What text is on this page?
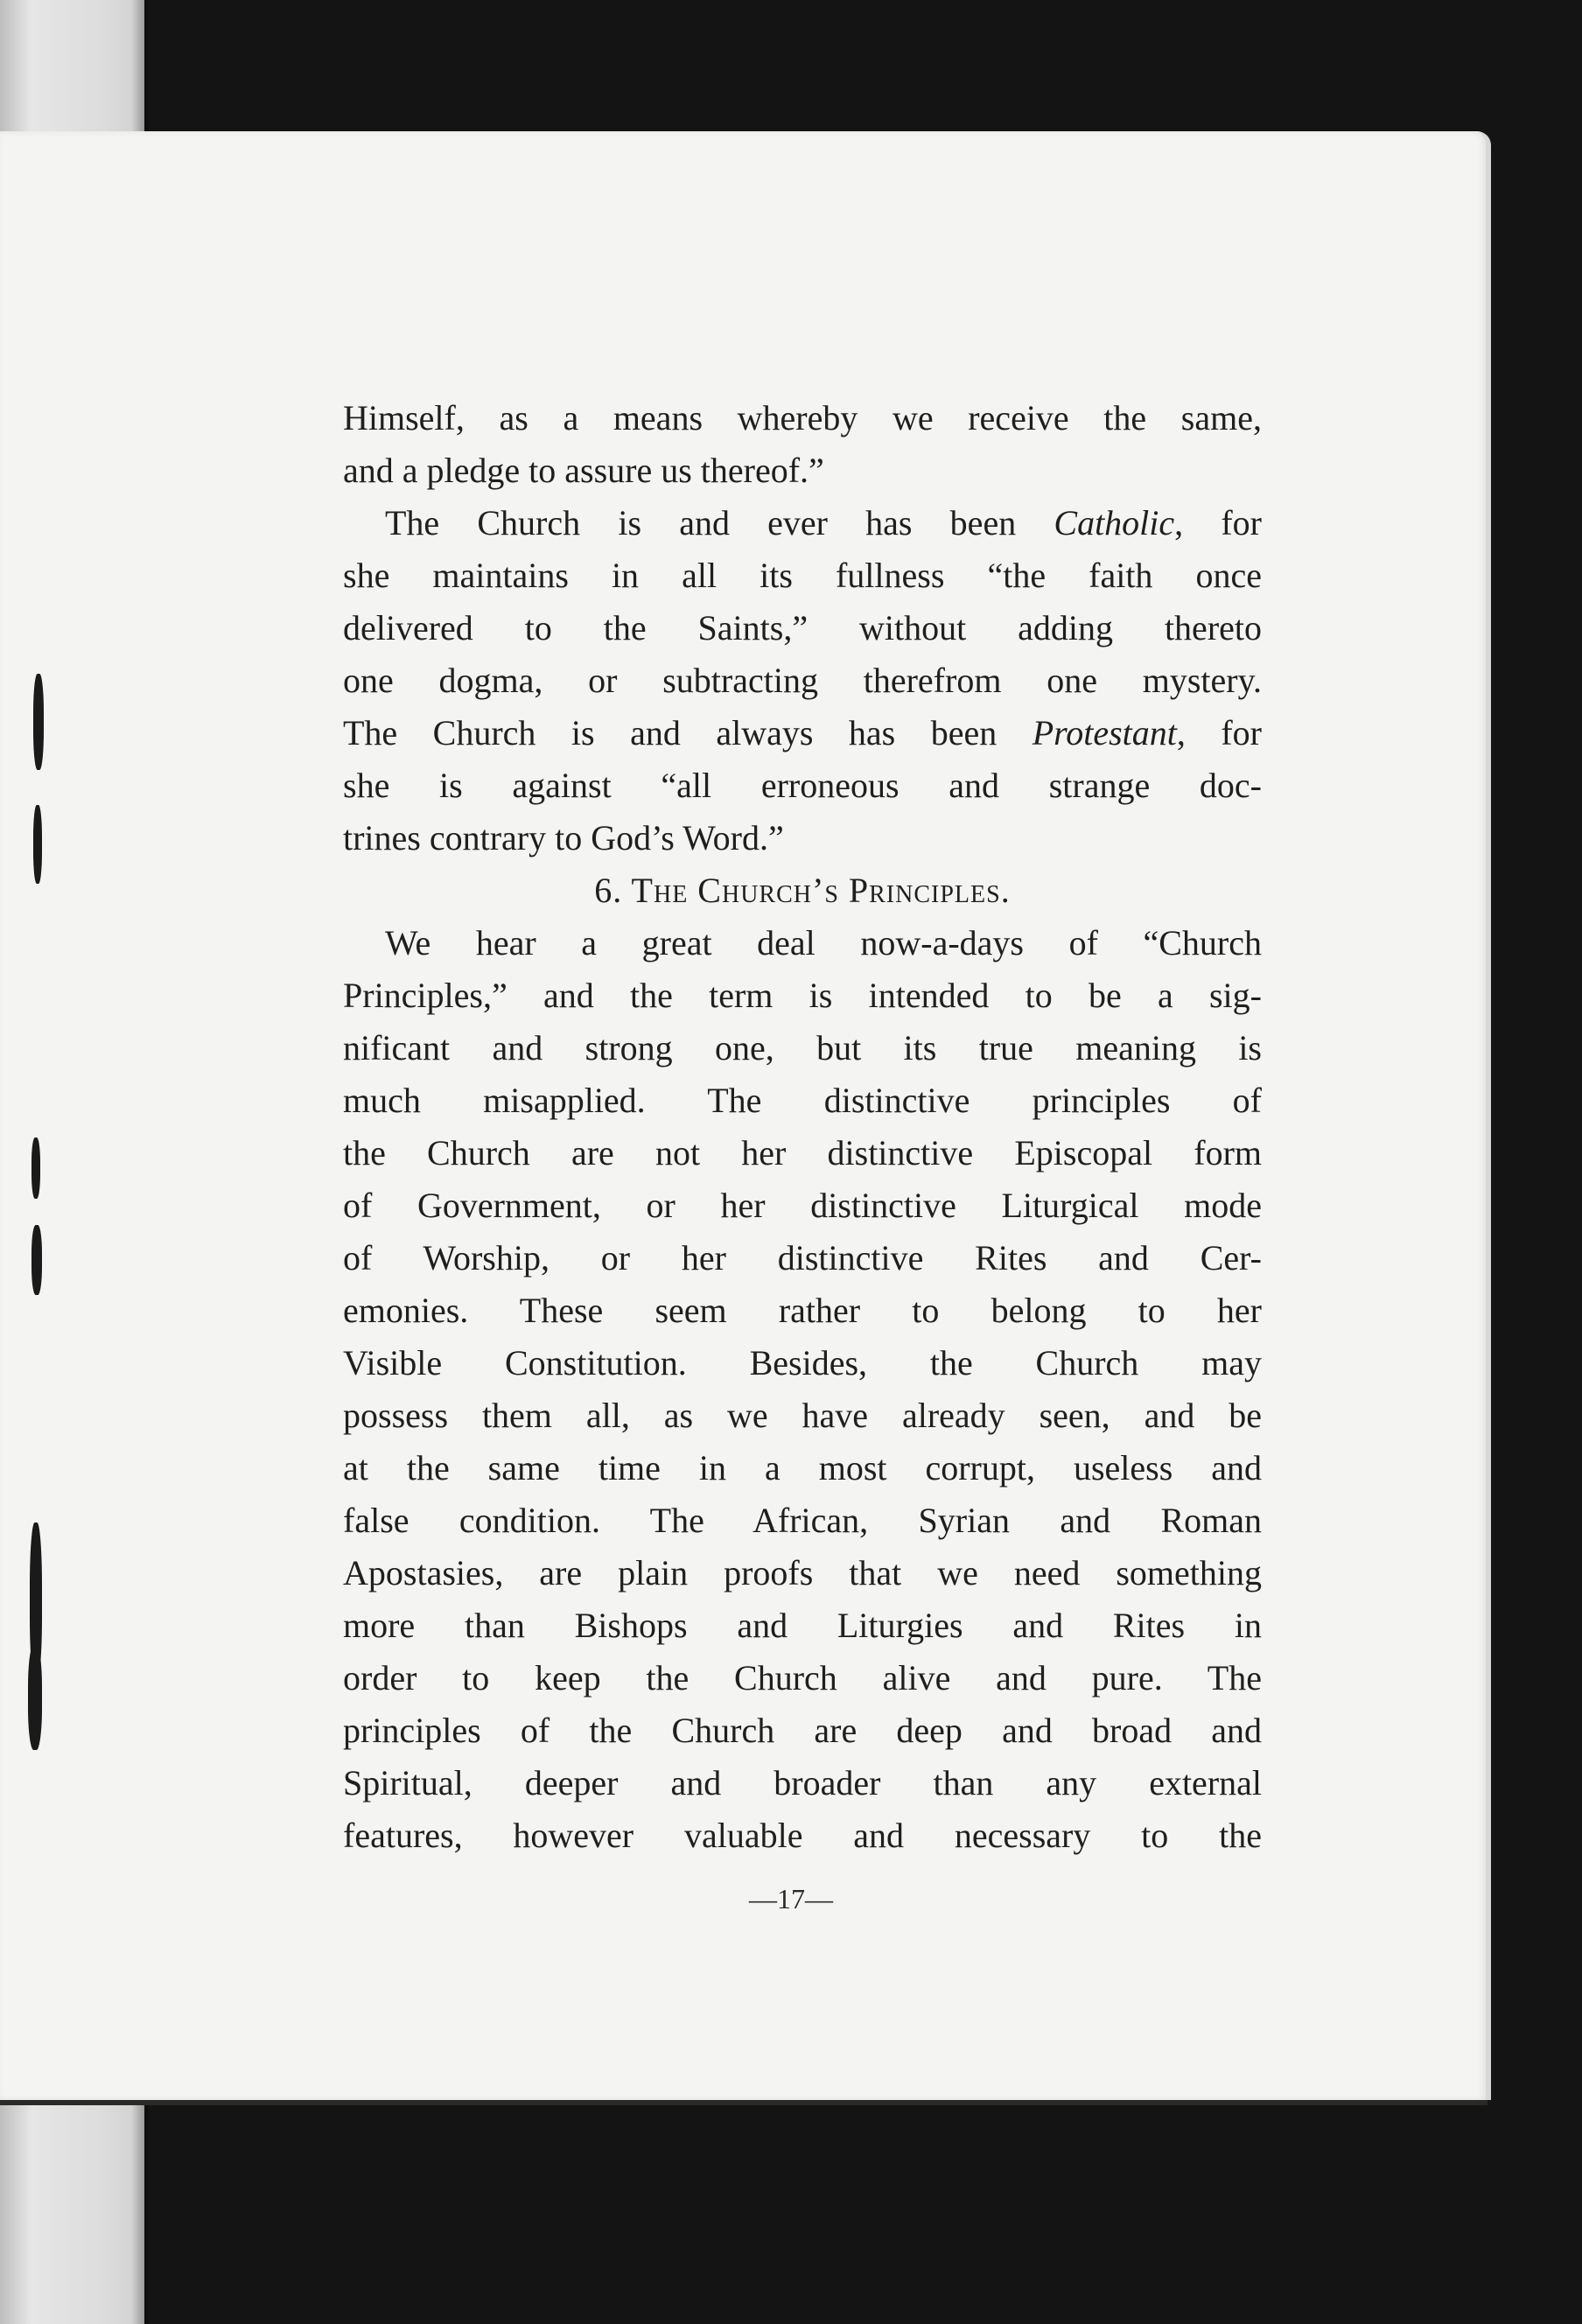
Himself, as a means whereby we receive the same,
and a pledge to assure us thereof.”
The Church is and ever has been Catholic, for
she maintains in all its fullness “the faith once
delivered to the Saints,” without adding thereto
one dogma, or subtracting therefrom one mystery.
The Church is and always has been Protestant, for
she is against “all erroneous and strange doc-
trines contrary to God’s Word.”
6. The Church’s Principles.
We hear a great deal now-a-days of “Church
Principles,” and the term is intended to be a sig-
nificant and strong one, but its true meaning is
much misapplied. The distinctive principles of
the Church are not her distinctive Episcopal form
of Government, or her distinctive Liturgical mode
of Worship, or her distinctive Rites and Cer-
emonies. These seem rather to belong to her
Visible Constitution. Besides, the Church may
possess them all, as we have already seen, and be
at the same time in a most corrupt, useless and
false condition. The African, Syrian and Roman
Apostasies, are plain proofs that we need something
more than Bishops and Liturgies and Rites in
order to keep the Church alive and pure. The
principles of the Church are deep and broad and
Spiritual, deeper and broader than any external
features, however valuable and necessary to the
—17—
